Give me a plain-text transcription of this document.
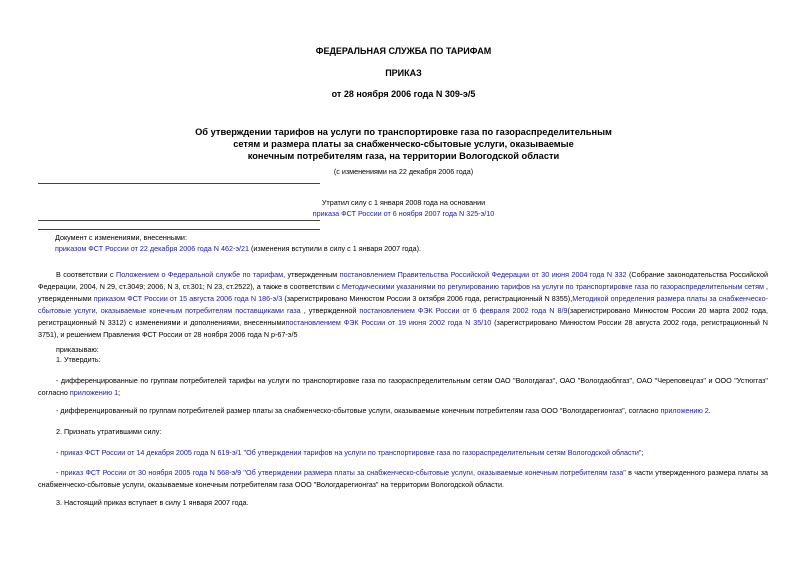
ФЕДЕРАЛЬНАЯ СЛУЖБА ПО ТАРИФАМ
ПРИКАЗ
от 28 ноября 2006 года N 309-э/5
Об утверждении тарифов на услуги по транспортировке газа по газораспределительным
сетям и размера платы за снабженческо-сбытовые услуги, оказываемые
конечным потребителям газа, на территории Вологодской области
(с изменениями на 22 декабря 2006 года)
Утратил силу с 1 января 2008 года на основании
приказа ФСТ России от 6 ноября 2007 года N 325-э/10
Документ с изменениями, внесенными:
приказом ФСТ России от 22 декабря 2006 года N 462-э/21 (изменения вступили в силу с 1 января 2007 года).
В соответствии с Положением о Федеральной службе по тарифам, утвержденным постановлением Правительства Российской Федерации от 30 июня 2004 года N 332 (Собрание законодательства Российской Федерации, 2004, N 29, ст.3049; 2006, N 3, ст.301; N 23, ст.2522), а также в соответствии с Методическими указаниями по регулированию тарифов на услуги по транспортировке газа по газораспределительным сетям , утвержденными приказом ФСТ России от 15 августа 2006 года N 186-э/3 (зарегистрировано Минюстом России 3 октября 2006 года, регистрационный N 8355),Методикой определения размера платы за снабженческо-сбытовые услуги, оказываемые конечным потребителям поставщиками газа , утвержденной постановлением ФЭК России от 6 февраля 2002 года N 8/9(зарегистрировано Минюстом России 20 марта 2002 года, регистрационный N 3312) с изменениями и дополнениями, внесеннымипостановлением ФЭК России от 19 июня 2002 года N 35/10 (зарегистрировано Минюстом России 28 августа 2002 года, регистрационный N 3751), и решением Правления ФСТ России от 28 ноября 2006 года N р-67-э/5
приказываю:
1. Утвердить:
- дифференцированные по группам потребителей тарифы на услуги по транспортировке газа по газораспределительным сетям ОАО "Вологдагаз", ОАО "Вологдаоблгаз", ОАО "Череповецгаз" и ООО "Устюггаз" согласно приложению 1;
- дифференцированный по группам потребителей размер платы за снабженческо-сбытовые услуги, оказываемые конечным потребителям газа ООО "Вологдарегионгаз", согласно приложению 2.
2. Признать утратившими силу:
- приказ ФСТ России от 14 декабря 2005 года N 619-э/1 "Об утверждении тарифов на услуги по транспортировке газа по газораспределительным сетям Вологодской области";
- приказ ФСТ России от 30 ноября 2005 года N 568-э/9 "Об утверждении размера платы за снабженческо-сбытовые услуги, оказываемые конечным потребителям газа" в части утвержденного размера платы за снабженческо-сбытовые услуги, оказываемые конечным потребителям газа ООО "Вологдарегионгаз" на территории Вологодской области.
3. Настоящий приказ вступает в силу 1 января 2007 года.
